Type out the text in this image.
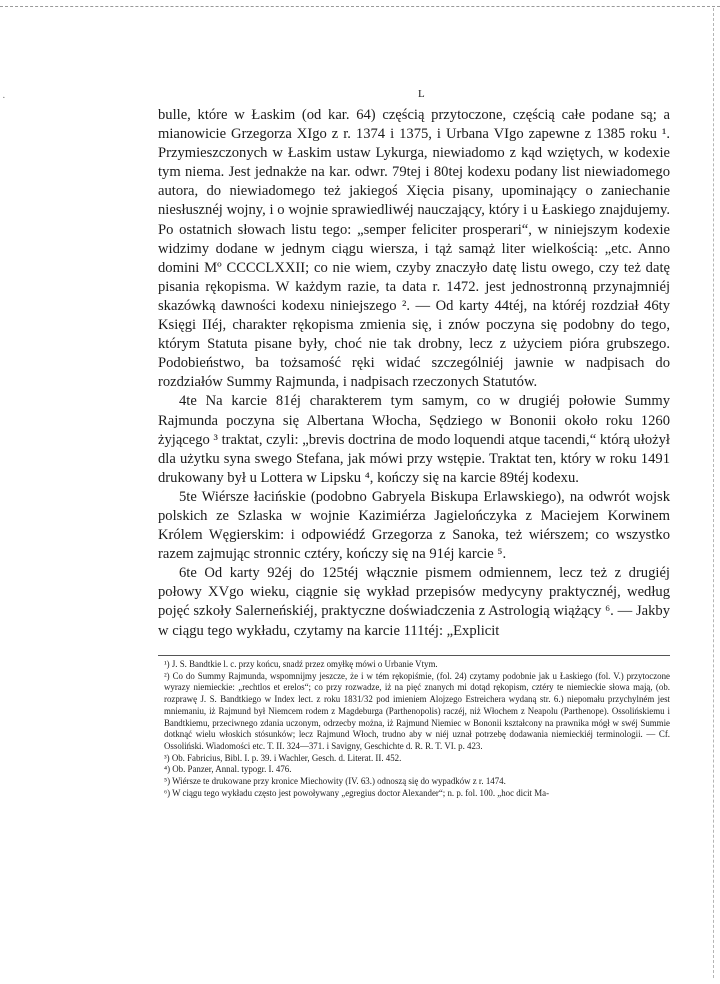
·	L

bulle, które w Łaskim (od kar. 64) częścią przytoczone, częścią całe podane są; a mianowicie Grzegorza XIgo z r. 1374 i 1375, i Urbana VIgo zapewne z 1385 roku ¹. Przymieszczonych w Łaskim ustaw Lykurga, niewiadomo z kąd wziętych, w kodexie tym niema. Jest jednakże na kar. odwr. 79tej i 80tej kodexu podany list niewiadomego autora, do niewiadomego też jakiegoś Xięcia pisany, upominający o zaniechanie niesłusznéj wojny, i o wojnie sprawiedliwéj nauczający, który i u Łaskiego znajdujemy. Po ostatnich słowach listu tego: „semper feliciter prosperari“, w niniejszym kodexie widzimy dodane w jednym ciągu wiersza, i tąż samąż liter wielkością: „etc. Anno domini Mº CCCCLXXII; co nie wiem, czyby znaczyło datę listu owego, czy też datę pisania rękopisma. W każdym razie, ta data r. 1472. jest jednostronną przynajmniéj skazówką dawności kodexu niniejszego ². — Od karty 44téj, na któréj rozdział 46ty Księgi IIéj, charakter rękopisma zmienia się, i znów poczyna się podobny do tego, którym Statuta pisane były, choć nie tak drobny, lecz z użyciem pióra grubszego. Podobieństwo, ba tożsamość ręki widać szczególniéj jawnie w nadpisach do rozdziałów Summy Rajmunda, i nadpisach rzeczonych Statutów.

4te Na karcie 81éj charakterem tym samym, co w drugiéj połowie Summy Rajmunda poczyna się Albertana Włocha, Sędziego w Bononii około roku 1260 żyjącego ³ traktat, czyli: „brevis doctrina de modo loquendi atque tacendi,“ którą ułożył dla użytku syna swego Stefana, jak mówi przy wstępie. Traktat ten, który w roku 1491 drukowany był u Lottera w Lipsku ⁴, kończy się na karcie 89téj kodexu.

5te Wiérsze łacińskie (podobno Gabryela Biskupa Erlawskiego), na odwrót wojsk polskich ze Szlaska w wojnie Kazimiérza Jagielończyka z Maciejem Korwinem Królem Węgierskim: i odpowiédź Grzegorza z Sanoka, też wiérszem; co wszystko razem zajmując stronnic cztéry, kończy się na 91éj karcie ⁵.

6te Od karty 92éj do 125téj włącznie pismem odmiennem, lecz też z drugiéj połowy XVgo wieku, ciągnie się wykład przepisów medycyny praktycznéj, według pojęć szkoły Salerneńskiéj, praktyczne doświadczenia z Astrologią wiążący ⁶. — Jakby w ciągu tego wykładu, czytamy na karcie 111téj: „Explicit

¹) J. S. Bandtkie l. c. przy końcu, snadź przez omyłkę mówi o Urbanie Vtym.

²) Co do Summy Rajmunda, wspomnijmy jeszcze, że i w tém rękopiśmie, (fol. 24) czytamy podobnie jak u Łaskiego (fol. V.) przytoczone wyrazy niemieckie: „rechtlos et erelos“; co przy rozwadze, iż na pięć znanych mi dotąd rękopism, cztéry te niemieckie słowa mają, (ob. rozprawę J. S. Bandtkiego w Index lect. z roku 1831/32 pod imieniem Alojzego Estreichera wydaną str. 6.) niepomału przychylném jest mniemaniu, iż Rajmund był Niemcem rodem z Magdeburga (Parthenopolis) raczéj, niż Włochem z Neapolu (Parthenope). Ossolińskiemu i Bandtkiemu, przeciwnego zdania uczonym, odrzecby można, iż Rajmund Niemiec w Bononii kształcony na prawnika mógł w swéj Summie dotknąć wielu włoskich stósunków; lecz Rajmund Włoch, trudno aby w niéj uznał potrzebę dodawania niemieckiéj terminologii. — Cf. Ossoliński. Wiadomości etc. T. II. 324—371. i Savigny, Geschichte d. R. R. T. VI. p. 423.

³) Ob. Fabricius, Bibl. I. p. 39. i Wachler, Gesch. d. Literat. II. 452.

⁴) Ob. Panzer, Annal. typogr. I. 476.

⁵) Wiérsze te drukowane przy kronice Miechowity (IV. 63.) odnoszą się do wypadków z r. 1474.

⁶) W ciągu tego wykładu często jest powoływany „egregius doctor Alexander“; n. p. fol. 100. „hoc dicit Ma-
